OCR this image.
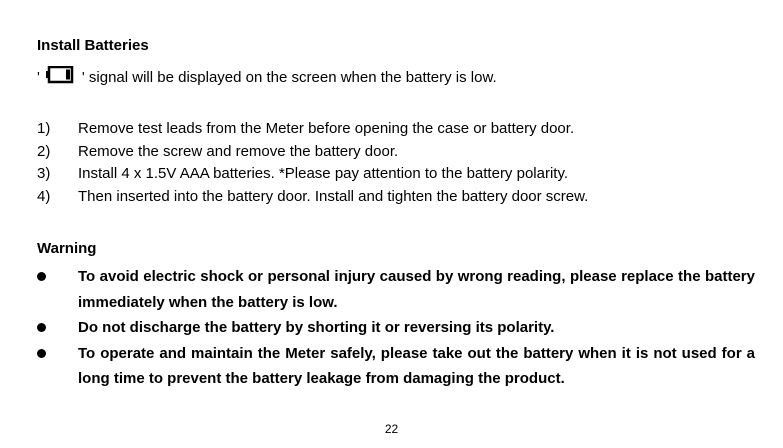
Install Batteries
'	' signal will be displayed on the screen when the battery is low.
1) Remove test leads from the Meter before opening the case or battery door.
2) Remove the screw and remove the battery door.
3) Install 4 x 1.5V AAA batteries. *Please pay attention to the battery polarity.
4) Then inserted into the battery door. Install and tighten the battery door screw.
Warning
To avoid electric shock or personal injury caused by wrong reading, please replace the battery immediately when the battery is low.
Do not discharge the battery by shorting it or reversing its polarity.
To operate and maintain the Meter safely, please take out the battery when it is not used for a long time to prevent the battery leakage from damaging the product.
22
